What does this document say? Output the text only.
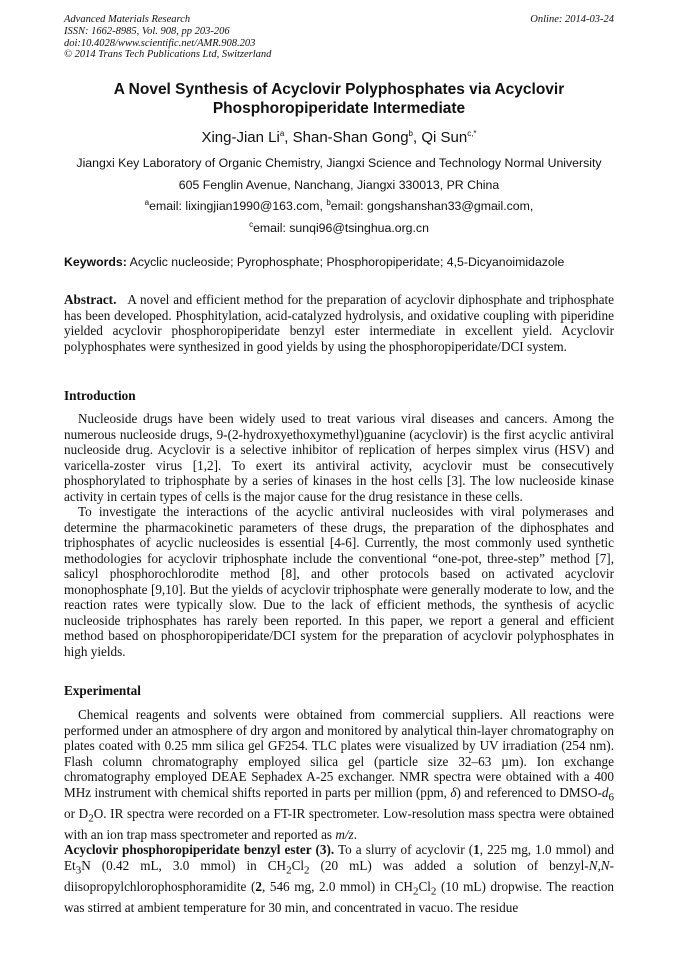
Advanced Materials Research
ISSN: 1662-8985, Vol. 908, pp 203-206
doi:10.4028/www.scientific.net/AMR.908.203
© 2014 Trans Tech Publications Ltd, Switzerland
Online: 2014-03-24
A Novel Synthesis of Acyclovir Polyphosphates via Acyclovir
Phosphoropiperidate Intermediate
Xing-Jian Li$^a$, Shan-Shan Gong$^b$, Qi Sun$^{c,*}$
Jiangxi Key Laboratory of Organic Chemistry, Jiangxi Science and Technology Normal University
605 Fenglin Avenue, Nanchang, Jiangxi 330013, PR China
$^a$email: lixingjian1990@163.com, $^b$email: gongshanshan33@gmail.com,
$^c$email: sunqi96@tsinghua.org.cn
Keywords: Acyclic nucleoside; Pyrophosphate; Phosphoropiperidate; 4,5-Dicyanoimidazole

Abstract. A novel and efficient method for the preparation of acyclovir diphosphate and triphosphate has been developed. Phosphitylation, acid-catalyzed hydrolysis, and oxidative coupling with piperidine yielded acyclovir phosphoropiperidate benzyl ester intermediate in excellent yield. Acyclovir polyphosphates were synthesized in good yields by using the phosphoropiperidate/DCI system.

Introduction

Nucleoside drugs have been widely used to treat various viral diseases and cancers. Among the numerous nucleoside drugs, 9-(2-hydroxyethoxymethyl)guanine (acyclovir) is the first acyclic antiviral nucleoside drug. Acyclovir is a selective inhibitor of replication of herpes simplex virus (HSV) and varicella-zoster virus [1,2]. To exert its antiviral activity, acyclovir must be consecutively phosphorylated to triphosphate by a series of kinases in the host cells [3]. The low nucleoside kinase activity in certain types of cells is the major cause for the drug resistance in these cells.

To investigate the interactions of the acyclic antiviral nucleosides with viral polymerases and determine the pharmacokinetic parameters of these drugs, the preparation of the diphosphates and triphosphates of acyclic nucleosides is essential [4-6]. Currently, the most commonly used synthetic methodologies for acyclovir triphosphate include the conventional “one-pot, three-step” method [7], salicyl phosphorochlorodite method [8], and other protocols based on activated acyclovir monophosphate [9,10]. But the yields of acyclovir triphosphate were generally moderate to low, and the reaction rates were typically slow. Due to the lack of efficient methods, the synthesis of acyclic nucleoside triphosphates has rarely been reported. In this paper, we report a general and efficient method based on phosphoropiperidate/DCI system for the preparation of acyclovir polyphosphates in high yields.

Experimental

Chemical reagents and solvents were obtained from commercial suppliers. All reactions were performed under an atmosphere of dry argon and monitored by analytical thin-layer chromatography on plates coated with 0.25 mm silica gel GF254. TLC plates were visualized by UV irradiation (254 nm). Flash column chromatography employed silica gel (particle size 32–63 µm). Ion exchange chromatography employed DEAE Sephadex A-25 exchanger. NMR spectra were obtained with a 400 MHz instrument with chemical shifts reported in parts per million (ppm, δ) and referenced to DMSO-$d_6$ or $D_2O$. IR spectra were recorded on a FT-IR spectrometer. Low-resolution mass spectra were obtained with an ion trap mass spectrometer and reported as m/z.

Acyclovir phosphoropiperidate benzyl ester (3). To a slurry of acyclovir (1, 225 mg, 1.0 mmol) and $Et_3N$ (0.42 mL, 3.0 mmol) in $CH_2Cl_2$ (20 mL) was added a solution of benzyl-N,N-diisopropylchlorophosphoramidite (2, 546 mg, 2.0 mmol) in $CH_2Cl_2$ (10 mL) dropwise. The reaction was stirred at ambient temperature for 30 min, and concentrated in vacuo. The residue
